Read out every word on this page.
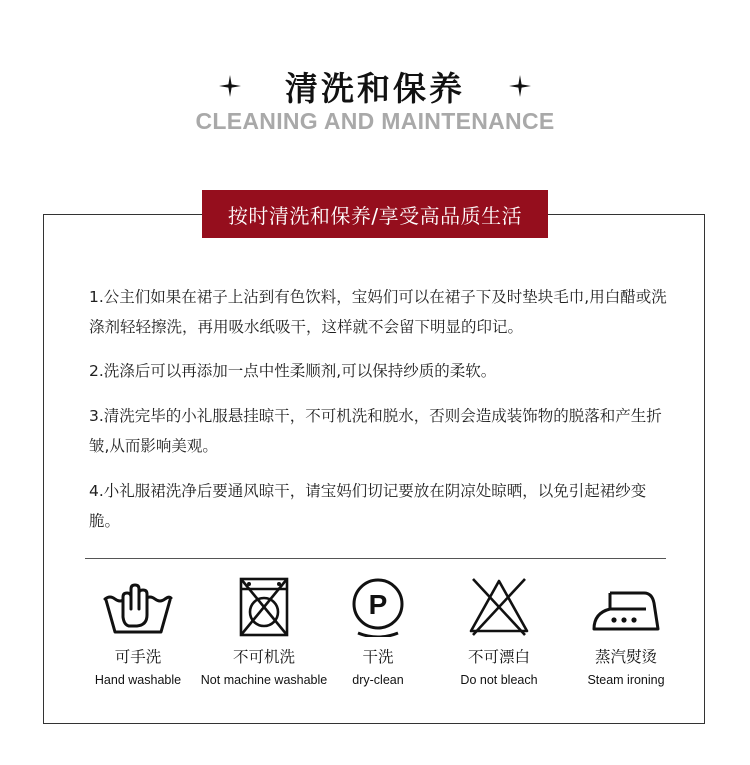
清洗和保养
CLEANING AND MAINTENANCE
按时清洗和保养/享受高品质生活

1.公主们如果在裙子上沾到有色饮料，宝妈们可以在裙子下及时垫块毛巾,用白醋或洗涤剂轻轻擦洗，再用吸水纸吸干，这样就不会留下明显的印记。

2.洗涤后可以再添加一点中性柔顺剂,可以保持纱质的柔软。

3.清洗完毕的小礼服悬挂晾干，不可机洗和脱水，否则会造成装饰物的脱落和产生折皱,从而影响美观。

4.小礼服裙洗净后要通风晾干，请宝妈们切记要放在阴凉处晾晒，以免引起裙纱变脆。

可手洗
Hand washable
不可机洗
Not machine washable
P
干洗
dry-clean
不可漂白
Do not bleach
蒸汽熨烫
Steam ironing
